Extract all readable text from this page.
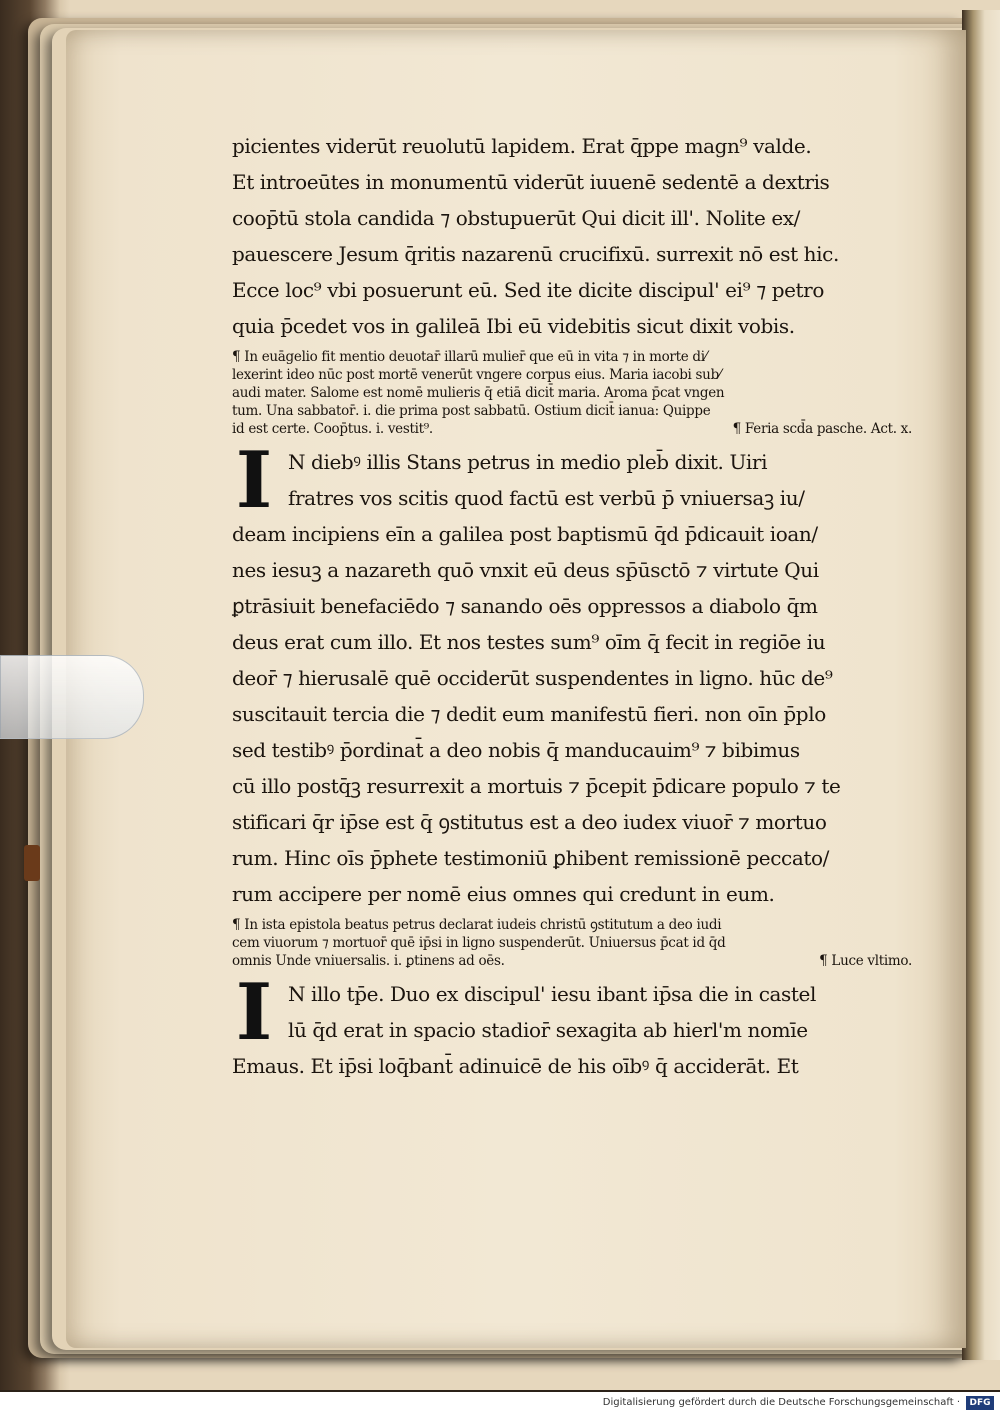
picientes viderūt reuolutū lapidem. Erat q̄ppe magn⁹ valde.
Et introeūtes in monumentū viderūt iuuenē sedentē a dextris
coop̄tū stola candida ⁊ obstupuerūt Qui dicit ill'. Nolite ex/
pauescere Jesum q̄ritis nazarenū crucifixū. surrexit nō est hic.
Ecce loc⁹ vbi posuerunt eū. Sed ite dicite discipul' ei⁹ ⁊ petro
quia p̄cedet vos in galileā Ibi eū videbitis sicut dixit vobis.
¶ In euāgelio fit mentio deuotar̄ illarū mulier̄ que eū in vita ⁊ in morte di⁄
lexerint ideo nūc post mortē venerūt vngere corpus eius. Maria iacobi sub⁄
audi mater. Salome est nomē mulieris q̄ etiā dicit̄ maria. Aroma p̄cat vngen
tum. Una sabbator̄. i. die prima post sabbatū. Ostium dicit̄ ianua: Quippe
id est certe. Coop̄tus. i. vestit⁹.	¶ Feria scd̄a pasche. Act. x.
I N diebꝰ illis Stans petrus in medio pleb̄ dixit. Uiri
fratres vos scitis quod factū est verbū p̄ vniuersaꝫ iu/
deam incipiens eīn a galilea post baptismū q̄d p̄dicauit ioan/
nes iesuꝫ a nazareth quō vnxit eū deus sp̄ūsctō ⁊ virtute Qui
ꝑtrāsiuit benefaciēdo ⁊ sanando oēs oppressos a diabolo q̄m
deus erat cum illo. Et nos testes sum⁹ oīm q̄ fecit in regiōe iu
deor̄ ⁊ hierusalē quē occiderūt suspendentes in ligno. hūc de⁹
suscitauit tercia die ⁊ dedit eum manifestū fieri. non oīn p̄plo
sed testibꝰ p̄ordinat̄ a deo nobis q̄ manducauim⁹ ⁊ bibimus
cū illo postq̄ꝫ resurrexit a mortuis ⁊ p̄cepit p̄dicare populo ⁊ te
stificari q̄r ip̄se est q̄ ꝯstitutus est a deo iudex viuor̄ ⁊ mortuo
rum. Hinc oīs p̄phete testimoniū ꝑhibent remissionē peccato/
rum accipere per nomē eius omnes qui credunt in eum.
¶ In ista epistola beatus petrus declarat iudeis christū ꝯstitutum a deo iudi
cem viuorum ⁊ mortuor̄ quē ip̄si in ligno suspenderūt. Uniuersus p̄cat id q̄d
omnis Unde vniuersalis. i. ꝑtinens ad oēs.	¶ Luce vltimo.
I N illo tp̄e. Duo ex discipul' iesu ibant ip̄sa die in castel
lū q̄d erat in spacio stadior̄ sexagita ab hierl'm nomīe
Emaus. Et ip̄si loq̄bant̄ adinuicē de his oībꝰ q̄ acciderāt. Et
Digitalisierung gefördert durch die Deutsche Forschungsgemeinschaft ·	DFG
